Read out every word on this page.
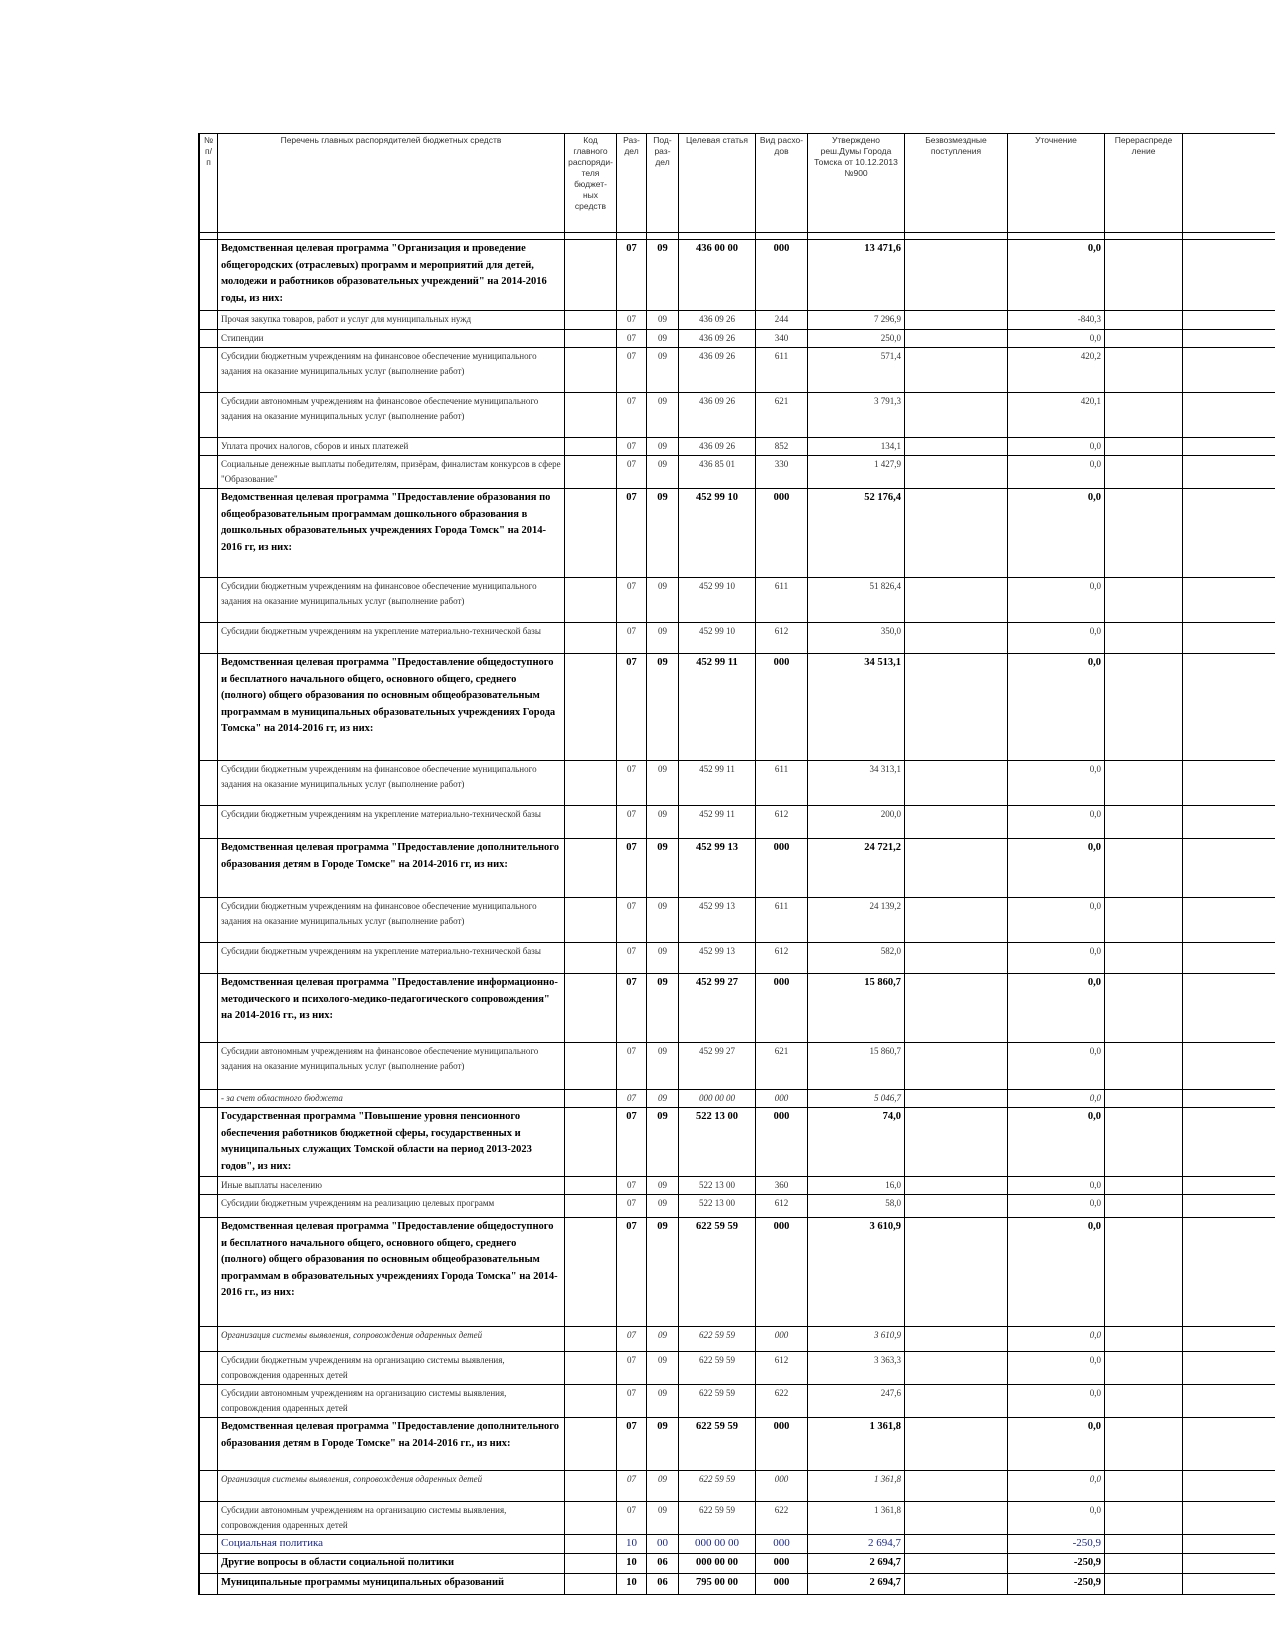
№ п/п	Перечень главных распорядителей бюджетных средств	Код главного распоряди-теля бюджет-ных средств	Раз-дел	Под-раз-дел	Целевая статья	Вид расхо-дов	Утверждено реш.Думы Города Томска от 10.12.2013 №900	Безвозмездные поступления	Уточнение	Перераспреде ление	

	Ведомственная целевая программа "Организация и проведение общегородских (отраслевых) программ и мероприятий для детей, молодежи и работников образовательных учреждений" на 2014-2016 годы, из них:		07	09	436 00 00	000	13 471,6		0,0		
	Прочая закупка товаров, работ и услуг для муниципальных нужд		07	09	436 09 26	244	7 296,9		-840,3		
	Стипендии		07	09	436 09 26	340	250,0		0,0		
	Субсидии бюджетным учреждениям на финансовое обеспечение муниципального задания на оказание муниципальных услуг (выполнение работ)		07	09	436 09 26	611	571,4		420,2		
	Субсидии автономным учреждениям на финансовое обеспечение муниципального задания на оказание муниципальных услуг (выполнение работ)		07	09	436 09 26	621	3 791,3		420,1		
	Уплата прочих налогов, сборов и иных платежей		07	09	436 09 26	852	134,1		0,0		
	Социальные денежные выплаты победителям, призёрам, финалистам конкурсов в сфере "Образование"		07	09	436 85 01	330	1 427,9		0,0		
	Ведомственная целевая программа "Предоставление образования по общеобразовательным программам дошкольного образования в дошкольных образовательных учреждениях Города Томск" на 2014-2016 гг, из них:		07	09	452 99 10	000	52 176,4		0,0		
	Субсидии бюджетным учреждениям на финансовое обеспечение муниципального задания на оказание муниципальных услуг (выполнение работ)		07	09	452 99 10	611	51 826,4		0,0		
	Субсидии бюджетным учреждениям на укрепление материально-технической базы		07	09	452 99 10	612	350,0		0,0		
	Ведомственная целевая программа "Предоставление общедоступного и бесплатного начального общего, основного общего, среднего (полного) общего образования по основным общеобразовательным программам в муниципальных образовательных учреждениях Города Томска" на 2014-2016 гг, из них:		07	09	452 99 11	000	34 513,1		0,0		
	Субсидии бюджетным учреждениям на финансовое обеспечение муниципального задания на оказание муниципальных услуг (выполнение работ)		07	09	452 99 11	611	34 313,1		0,0		
	Субсидии бюджетным учреждениям на укрепление материально-технической базы		07	09	452 99 11	612	200,0		0,0		
	Ведомственная целевая программа "Предоставление дополнительного образования детям в Городе Томске" на 2014-2016 гг, из них:		07	09	452 99 13	000	24 721,2		0,0		
	Субсидии бюджетным учреждениям на финансовое обеспечение муниципального задания на оказание муниципальных услуг (выполнение работ)		07	09	452 99 13	611	24 139,2		0,0		
	Субсидии бюджетным учреждениям на укрепление материально-технической базы		07	09	452 99 13	612	582,0		0,0		
	Ведомственная целевая программа "Предоставление информационно-методического и психолого-медико-педагогического сопровождения" на 2014-2016 гг., из них:		07	09	452 99 27	000	15 860,7		0,0		
	Субсидии автономным учреждениям на финансовое обеспечение муниципального задания на оказание муниципальных услуг (выполнение работ)		07	09	452 99 27	621	15 860,7		0,0		
	- за счет областного бюджета		07	09	000 00 00	000	5 046,7		0,0		
	Государственная программа "Повышение уровня пенсионного обеспечения работников бюджетной сферы, государственных и муниципальных служащих Томской области на период 2013-2023 годов", из них:		07	09	522 13 00	000	74,0		0,0		
	Иные выплаты населению		07	09	522 13 00	360	16,0		0,0		
	Субсидии бюджетным учреждениям на реализацию целевых программ		07	09	522 13 00	612	58,0		0,0		
	Ведомственная целевая программа "Предоставление общедоступного и бесплатного начального общего, основного общего, среднего (полного) общего образования по основным общеобразовательным программам в образовательных учреждениях Города Томска" на 2014-2016 гг., из них:		07	09	622 59 59	000	3 610,9		0,0		
	Организация системы выявления, сопровождения одаренных детей		07	09	622 59 59	000	3 610,9		0,0		
	Субсидии бюджетным учреждениям на организацию системы выявления, сопровождения одаренных детей		07	09	622 59 59	612	3 363,3		0,0		
	Субсидии автономным учреждениям на организацию системы выявления, сопровождения одаренных детей		07	09	622 59 59	622	247,6		0,0		
	Ведомственная целевая программа "Предоставление дополнительного образования детям в Городе Томске" на 2014-2016 гг., из них:		07	09	622 59 59	000	1 361,8		0,0		
	Организация системы выявления, сопровождения одаренных детей		07	09	622 59 59	000	1 361,8		0,0		
	Субсидии автономным учреждениям на организацию системы выявления, сопровождения одаренных детей		07	09	622 59 59	622	1 361,8		0,0		
	Социальная политика		10	00	000 00 00	000	2 694,7		-250,9		
	Другие вопросы в области социальной политики		10	06	000 00 00	000	2 694,7		-250,9		
	Муниципальные программы муниципальных образований		10	06	795 00 00	000	2 694,7		-250,9		
